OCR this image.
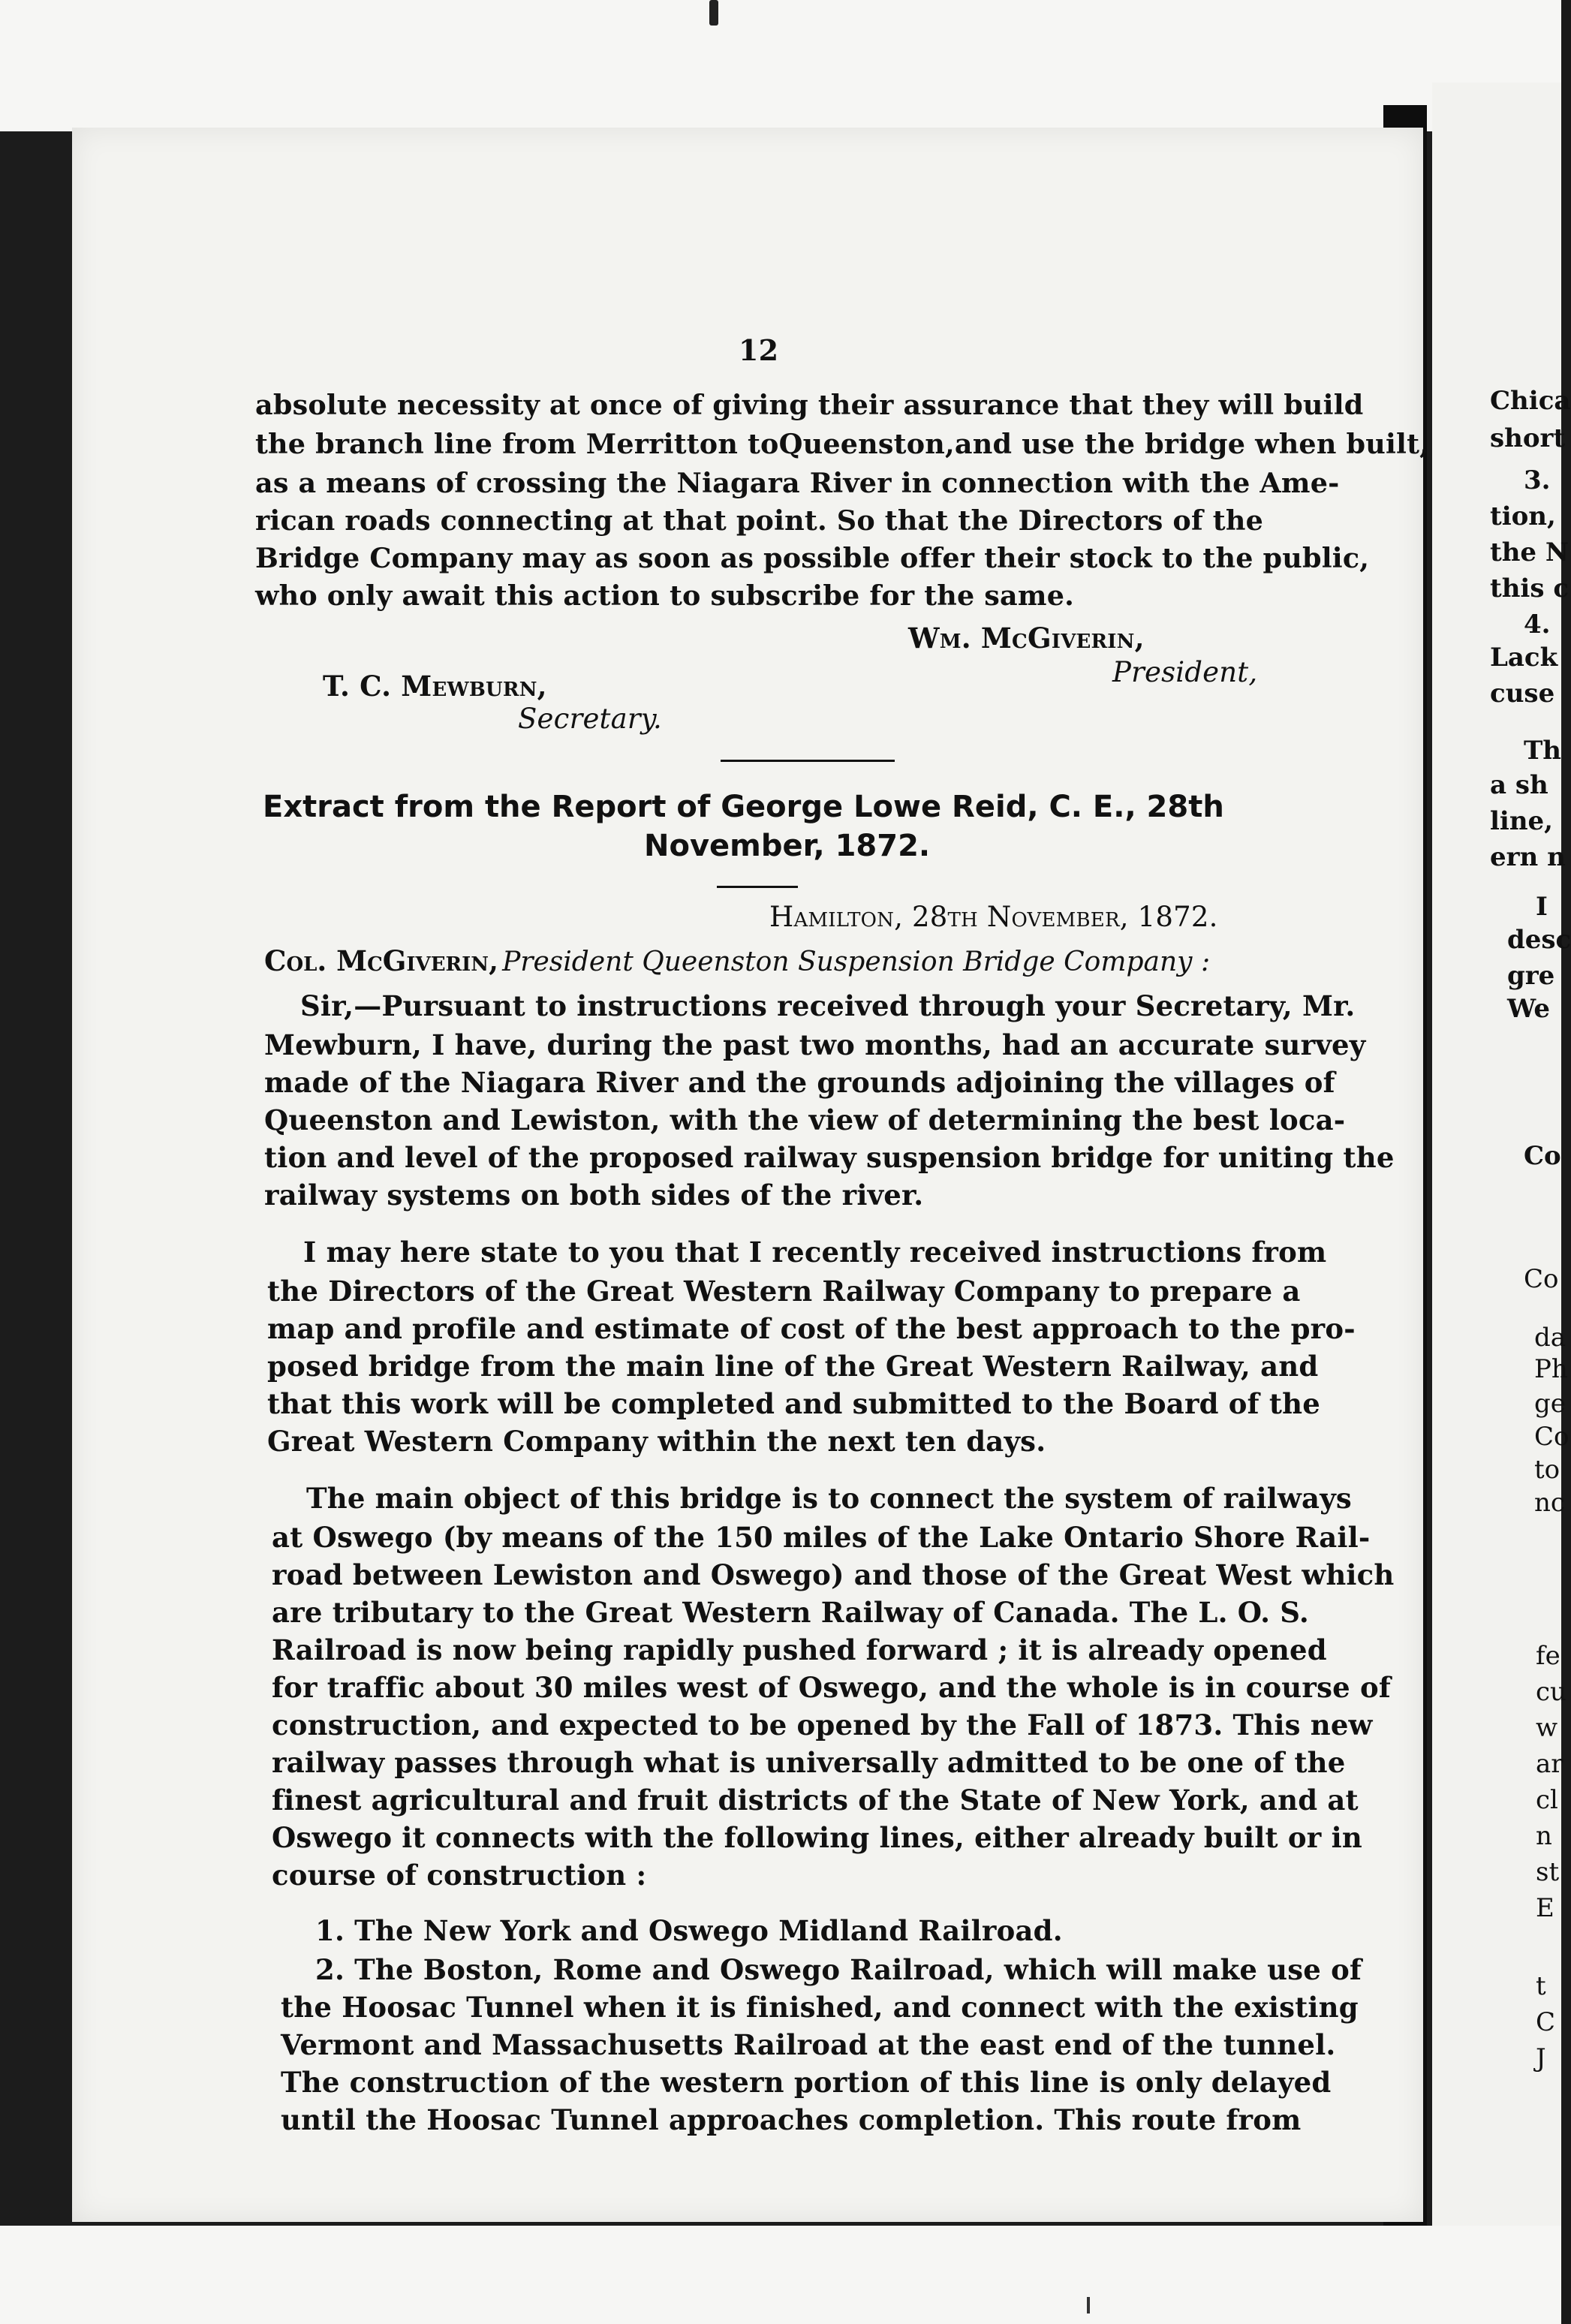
12
absolute necessity at once of giving their assurance that they will build
the branch line from Merritton toQueenston,and use the bridge when built,
as a means of crossing the Niagara River in connection with the Ame-
rican roads connecting at that point. So that the Directors of the
Bridge Company may as soon as possible offer their stock to the public,
who only await this action to subscribe for the same.
Wm. McGiverin,
President,
T. C. Mewburn,
Secretary.
Extract from the Report of George Lowe Reid, C. E., 28th
November, 1872.
Hamilton, 28th November, 1872.
Col. McGiverin, President Queenston Suspension Bridge Company :
Sir,—Pursuant to instructions received through your Secretary, Mr.
Mewburn, I have, during the past two months, had an accurate survey
made of the Niagara River and the grounds adjoining the villages of
Queenston and Lewiston, with the view of determining the best loca-
tion and level of the proposed railway suspension bridge for uniting the
railway systems on both sides of the river.
I may here state to you that I recently received instructions from
the Directors of the Great Western Railway Company to prepare a
map and profile and estimate of cost of the best approach to the pro-
posed bridge from the main line of the Great Western Railway, and
that this work will be completed and submitted to the Board of the
Great Western Company within the next ten days.
The main object of this bridge is to connect the system of railways
at Oswego (by means of the 150 miles of the Lake Ontario Shore Rail-
road between Lewiston and Oswego) and those of the Great West which
are tributary to the Great Western Railway of Canada. The L. O. S.
Railroad is now being rapidly pushed forward ; it is already opened
for traffic about 30 miles west of Oswego, and the whole is in course of
construction, and expected to be opened by the Fall of 1873. This new
railway passes through what is universally admitted to be one of the
finest agricultural and fruit districts of the State of New York, and at
Oswego it connects with the following lines, either already built or in
course of construction :
1. The New York and Oswego Midland Railroad.
2. The Boston, Rome and Oswego Railroad, which will make use of
the Hoosac Tunnel when it is finished, and connect with the existing
Vermont and Massachusetts Railroad at the east end of the tunnel.
The construction of the western portion of this line is only delayed
until the Hoosac Tunnel approaches completion. This route from
Chica
short
3.
tion,
the N
this c
4.
Lack
cuse
Th
a sh
line,
ern n
I
desc
gre
We
Co
Co
da
Ph
ge
Co
to
nc
fe
cu
w
ar
cl
n
st
E
t
C
J
